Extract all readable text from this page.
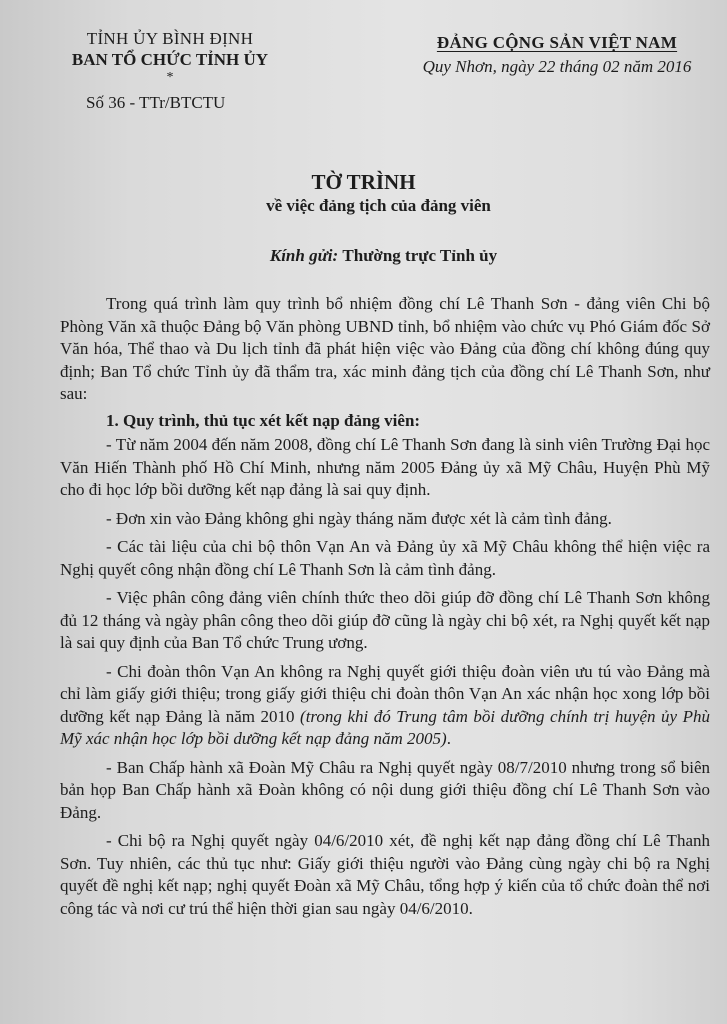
TỈNH ỦY BÌNH ĐỊNH
BAN TỔ CHỨC TỈNH ỦY
*
Số 36 - TTr/BTCTU
ĐẢNG CỘNG SẢN VIỆT NAM
Quy Nhơn, ngày 22 tháng 02 năm 2016
TỜ TRÌNH
về việc đảng tịch của đảng viên
Kính gửi: Thường trực Tỉnh ủy

Trong quá trình làm quy trình bổ nhiệm đồng chí Lê Thanh Sơn - đảng viên Chi bộ Phòng Văn xã thuộc Đảng bộ Văn phòng UBND tỉnh, bổ nhiệm vào chức vụ Phó Giám đốc Sở Văn hóa, Thể thao và Du lịch tỉnh đã phát hiện việc vào Đảng của đồng chí không đúng quy định; Ban Tổ chức Tỉnh ủy đã thẩm tra, xác minh đảng tịch của đồng chí Lê Thanh Sơn, như sau:

1. Quy trình, thủ tục xét kết nạp đảng viên:

- Từ năm 2004 đến năm 2008, đồng chí Lê Thanh Sơn đang là sinh viên Trường Đại học Văn Hiến Thành phố Hồ Chí Minh, nhưng năm 2005 Đảng ủy xã Mỹ Châu, Huyện Phù Mỹ cho đi học lớp bồi dưỡng kết nạp đảng là sai quy định.

- Đơn xin vào Đảng không ghi ngày tháng năm được xét là cảm tình đảng.

- Các tài liệu của chi bộ thôn Vạn An và Đảng ủy xã Mỹ Châu không thể hiện việc ra Nghị quyết công nhận đồng chí Lê Thanh Sơn là cảm tình đảng.

- Việc phân công đảng viên chính thức theo dõi giúp đỡ đồng chí Lê Thanh Sơn không đủ 12 tháng và ngày phân công theo dõi giúp đỡ cũng là ngày chi bộ xét, ra Nghị quyết kết nạp là sai quy định của Ban Tổ chức Trung ương.

- Chi đoàn thôn Vạn An không ra Nghị quyết giới thiệu đoàn viên ưu tú vào Đảng mà chỉ làm giấy giới thiệu; trong giấy giới thiệu chi đoàn thôn Vạn An xác nhận học xong lớp bồi dưỡng kết nạp Đảng là năm 2010 (trong khi đó Trung tâm bồi dưỡng chính trị huyện ủy Phù Mỹ xác nhận học lớp bồi dưỡng kết nạp đảng năm 2005).

- Ban Chấp hành xã Đoàn Mỹ Châu ra Nghị quyết ngày 08/7/2010 nhưng trong sổ biên bản họp Ban Chấp hành xã Đoàn không có nội dung giới thiệu đồng chí Lê Thanh Sơn vào Đảng.

- Chi bộ ra Nghị quyết ngày 04/6/2010 xét, đề nghị kết nạp đảng đồng chí Lê Thanh Sơn. Tuy nhiên, các thủ tục như: Giấy giới thiệu người vào Đảng cùng ngày chi bộ ra Nghị quyết đề nghị kết nạp; nghị quyết Đoàn xã Mỹ Châu, tổng hợp ý kiến của tổ chức đoàn thể nơi công tác và nơi cư trú thể hiện thời gian sau ngày 04/6/2010.
